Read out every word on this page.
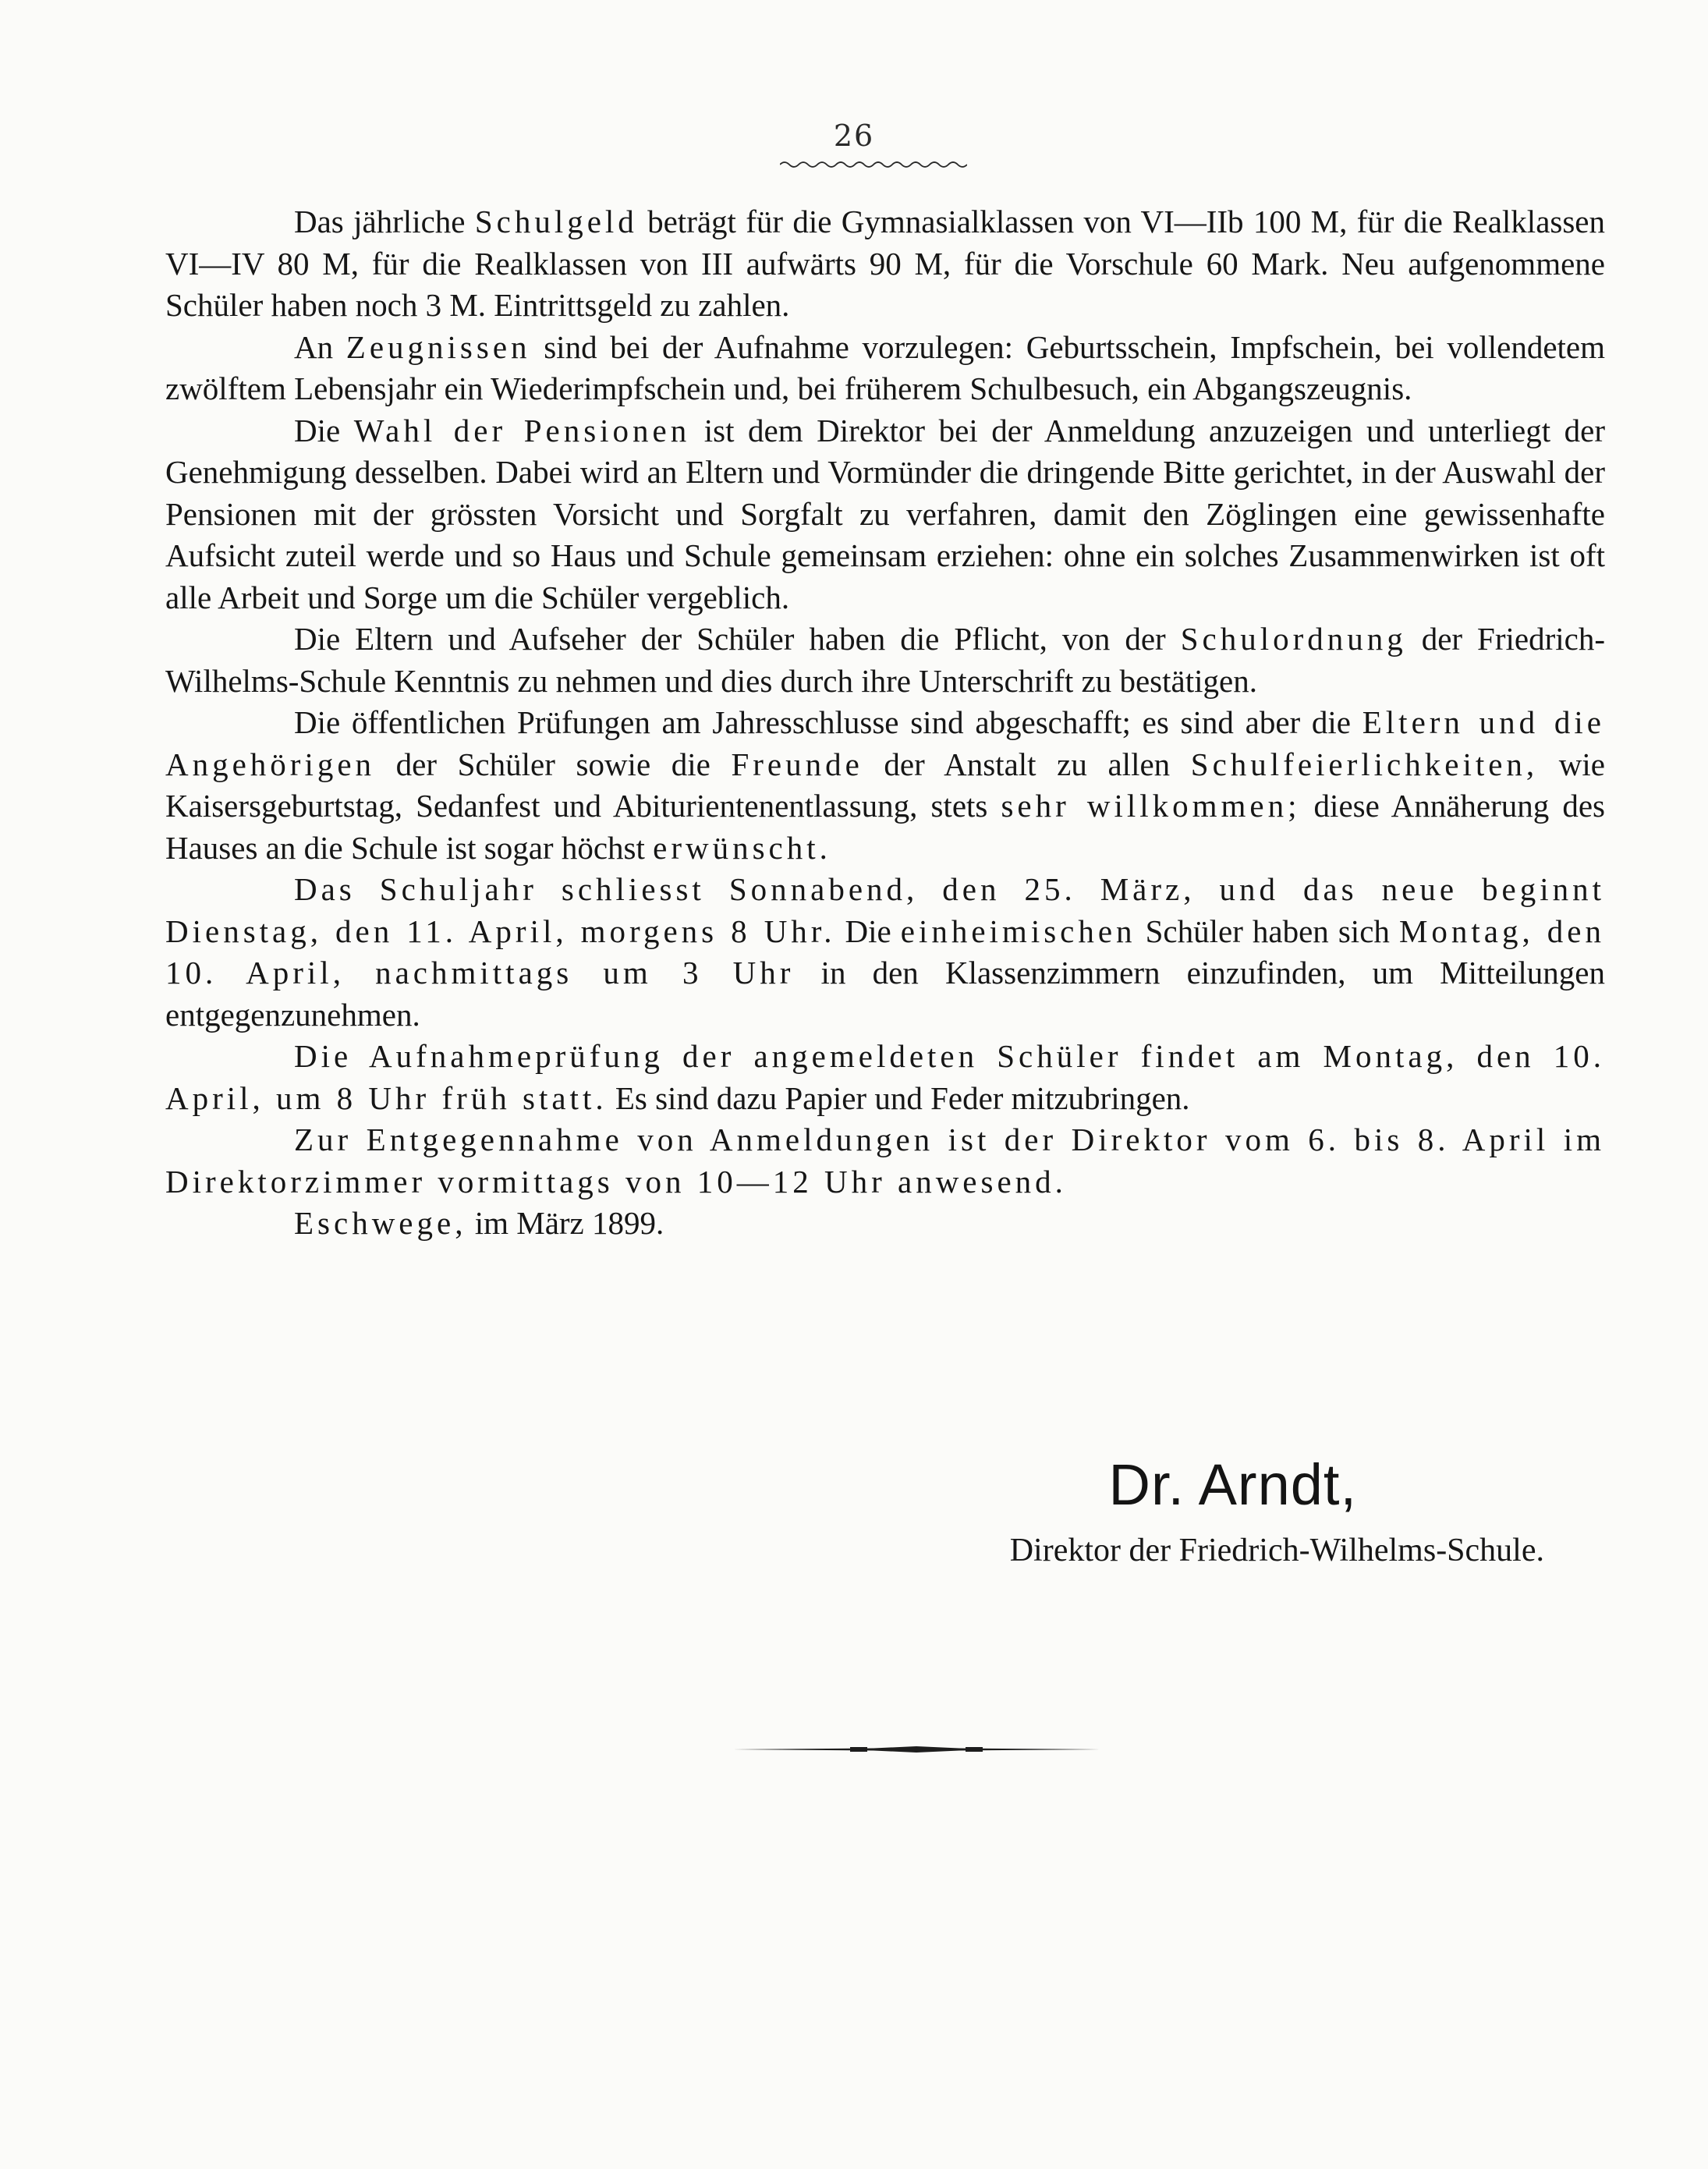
26

Das jährliche Schulgeld beträgt für die Gymnasialklassen von VI—IIb 100 M, für die Realklassen VI—IV 80 M, für die Realklassen von III aufwärts 90 M, für die Vorschule 60 Mark. Neu aufgenommene Schüler haben noch 3 M. Eintrittsgeld zu zahlen.

An Zeugnissen sind bei der Aufnahme vorzulegen: Geburtsschein, Impfschein, bei vollendetem zwölftem Lebensjahr ein Wiederimpfschein und, bei früherem Schulbesuch, ein Abgangszeugnis.

Die Wahl der Pensionen ist dem Direktor bei der Anmeldung anzuzeigen und unterliegt der Genehmigung desselben. Dabei wird an Eltern und Vormünder die dringende Bitte gerichtet, in der Auswahl der Pensionen mit der grössten Vorsicht und Sorgfalt zu verfahren, damit den Zöglingen eine gewissenhafte Aufsicht zuteil werde und so Haus und Schule gemeinsam erziehen: ohne ein solches Zusammenwirken ist oft alle Arbeit und Sorge um die Schüler vergeblich.

Die Eltern und Aufseher der Schüler haben die Pflicht, von der Schulordnung der Friedrich-Wilhelms-Schule Kenntnis zu nehmen und dies durch ihre Unterschrift zu bestätigen.

Die öffentlichen Prüfungen am Jahresschlusse sind abgeschafft; es sind aber die Eltern und die Angehörigen der Schüler sowie die Freunde der Anstalt zu allen Schulfeierlichkeiten, wie Kaisersgeburtstag, Sedanfest und Abiturientenentlassung, stets sehr willkommen; diese Annäherung des Hauses an die Schule ist sogar höchst erwünscht.

Das Schuljahr schliesst Sonnabend, den 25. März, und das neue beginnt Dienstag, den 11. April, morgens 8 Uhr. Die einheimischen Schüler haben sich Montag, den 10. April, nachmittags um 3 Uhr in den Klassenzimmern einzufinden, um Mitteilungen entgegenzunehmen.

Die Aufnahmeprüfung der angemeldeten Schüler findet am Montag, den 10. April, um 8 Uhr früh statt. Es sind dazu Papier und Feder mitzubringen.

Zur Entgegennahme von Anmeldungen ist der Direktor vom 6. bis 8. April im Direktorzimmer vormittags von 10—12 Uhr anwesend.

Eschwege, im März 1899.

Dr. Arndt,
Direktor der Friedrich-Wilhelms-Schule.
